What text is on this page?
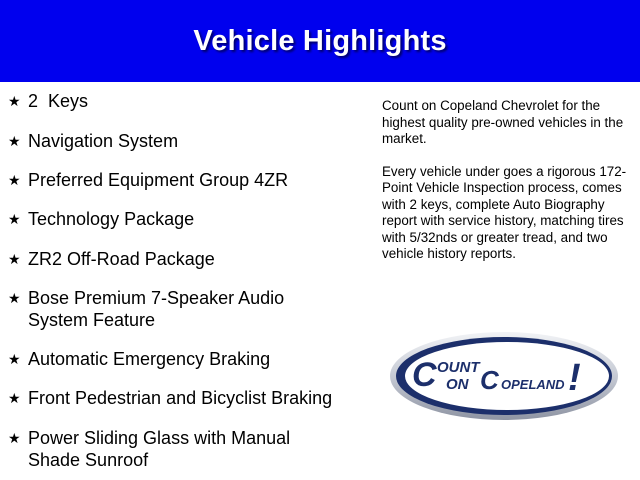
Vehicle Highlights
★ 2  Keys
★ Navigation System
★ Preferred Equipment Group 4ZR
★ Technology Package
★ ZR2 Off-Road Package
★ Bose Premium 7-Speaker Audio
System Feature
★ Automatic Emergency Braking
★ Front Pedestrian and Bicyclist Braking
★ Power Sliding Glass with Manual
Shade Sunroof

Count on Copeland Chevrolet for the highest quality pre-owned vehicles in the market.

Every vehicle under goes a rigorous 172-Point Vehicle Inspection process, comes with 2 keys, complete Auto Biography report with service history, matching tires with 5/32nds or greater tread, and two vehicle history reports.

C OUNT
ON C OPELAND !
